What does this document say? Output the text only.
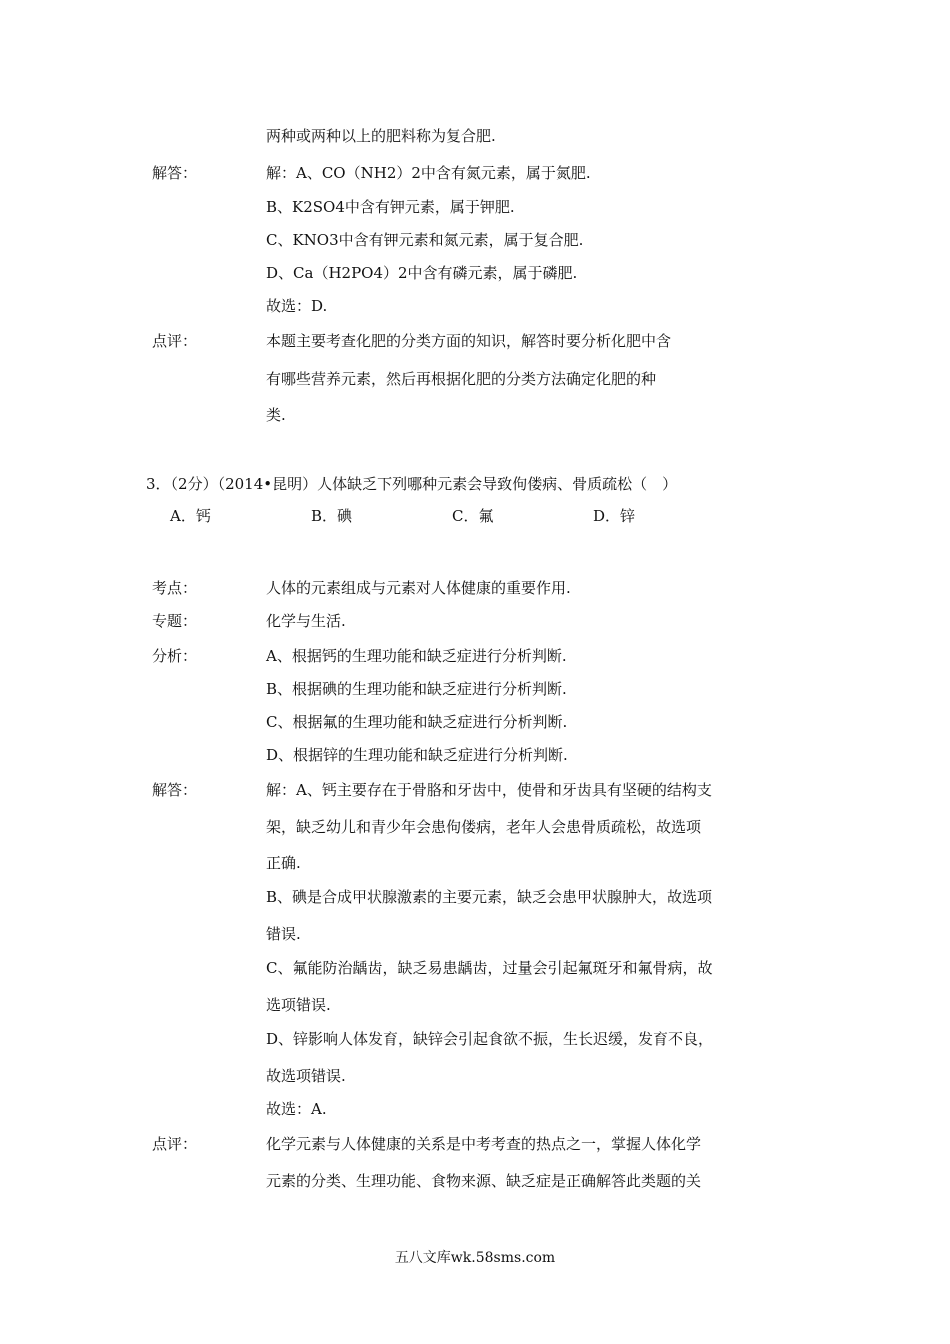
两种或两种以上的肥料称为复合肥.
解答：	解：A、CO（NH2）2中含有氮元素，属于氮肥.
B、K2SO4中含有钾元素，属于钾肥.
C、KNO3中含有钾元素和氮元素，属于复合肥.
D、Ca（H2PO4）2中含有磷元素，属于磷肥.
故选：D.
点评：	本题主要考查化肥的分类方面的知识，解答时要分析化肥中含
有哪些营养元素，然后再根据化肥的分类方法确定化肥的种
类.
3．（2分）（2014•昆明）人体缺乏下列哪种元素会导致佝偻病、骨质疏松（　）
A．钙	B．碘	C．氟	D．锌
考点：	人体的元素组成与元素对人体健康的重要作用.
专题：	化学与生活.
分析：	A、根据钙的生理功能和缺乏症进行分析判断.
B、根据碘的生理功能和缺乏症进行分析判断.
C、根据氟的生理功能和缺乏症进行分析判断.
D、根据锌的生理功能和缺乏症进行分析判断.
解答：	解：A、钙主要存在于骨胳和牙齿中，使骨和牙齿具有坚硬的结构支
架，缺乏幼儿和青少年会患佝偻病，老年人会患骨质疏松，故选项
正确.
B、碘是合成甲状腺激素的主要元素，缺乏会患甲状腺肿大，故选项
错误.
C、氟能防治龋齿，缺乏易患龋齿，过量会引起氟斑牙和氟骨病，故
选项错误.
D、锌影响人体发育，缺锌会引起食欲不振，生长迟缓，发育不良，
故选项错误.
故选：A.
点评：	化学元素与人体健康的关系是中考考查的热点之一，掌握人体化学
元素的分类、生理功能、食物来源、缺乏症是正确解答此类题的关
五八文库wk.58sms.com
